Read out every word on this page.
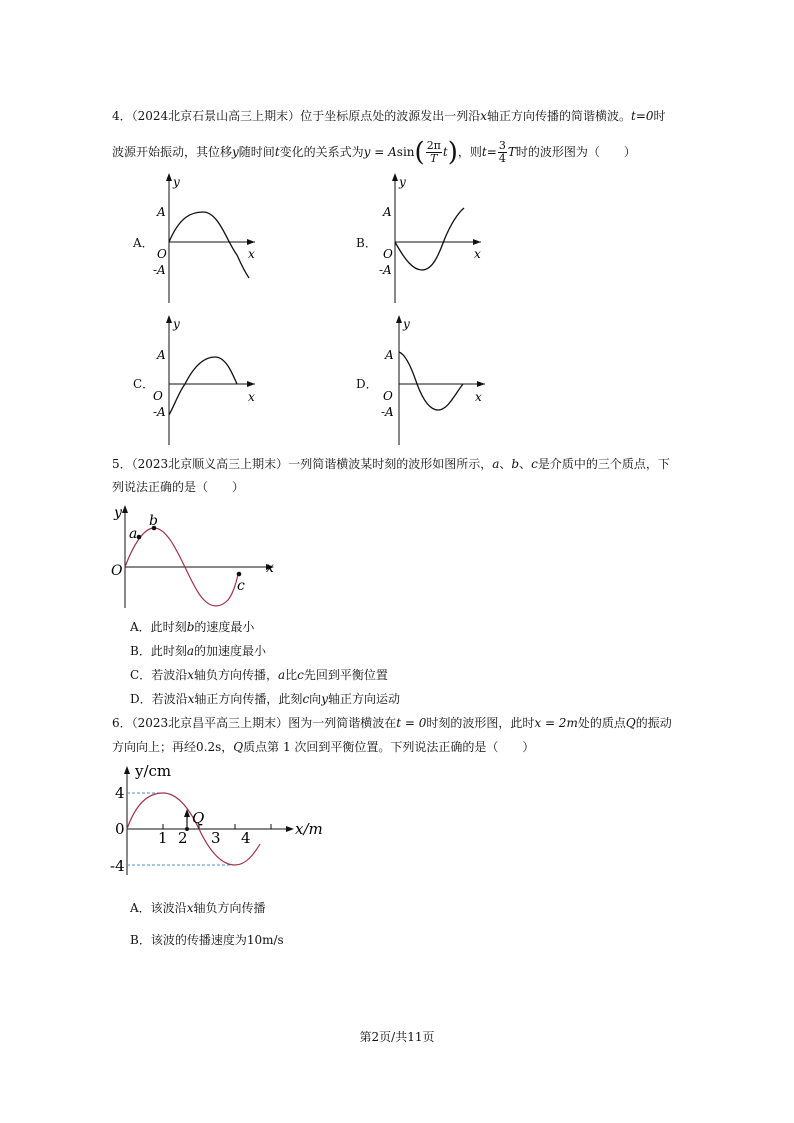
4．（2024北京石景山高三上期末）位于坐标原点处的波源发出一列沿x轴正方向传播的简谐横波。t=0时
波源开始振动，其位移y随时间t变化的关系式为$y = Asin( \frac{2\pi}{T} t)$，则$t= \frac{3}{4}$ T时的波形图为（　　）
A．
y
A
O
-A
x
B．
y
A
O
-A
x
C．
y
A
O
-A
x
D．
y
A
O
-A
x
5．（2023北京顺义高三上期末）一列简谐横波某时刻的波形如图所示，a、b、c是介质中的三个质点，下
列说法正确的是（　　）
y
a
b
c
O	x
A．此时刻b的速度最小
B．此时刻a的加速度最小
C．若波沿x轴负方向传播，a比c先回到平衡位置
D．若波沿x轴正方向传播，此刻c向y轴正方向运动
6．（2023北京昌平高三上期末）图为一列简谐横波在t = 0时刻的波形图，此时x = 2m处的质点Q的振动
方向向上；再经0.2s，Q质点第 1 次回到平衡位置。下列说法正确的是（　　）
y/cm
4
0
-4
1 2 3 4
Q
x/m
A．该波沿x轴负方向传播
B．该波的传播速度为10m/s
第2页/共11页
